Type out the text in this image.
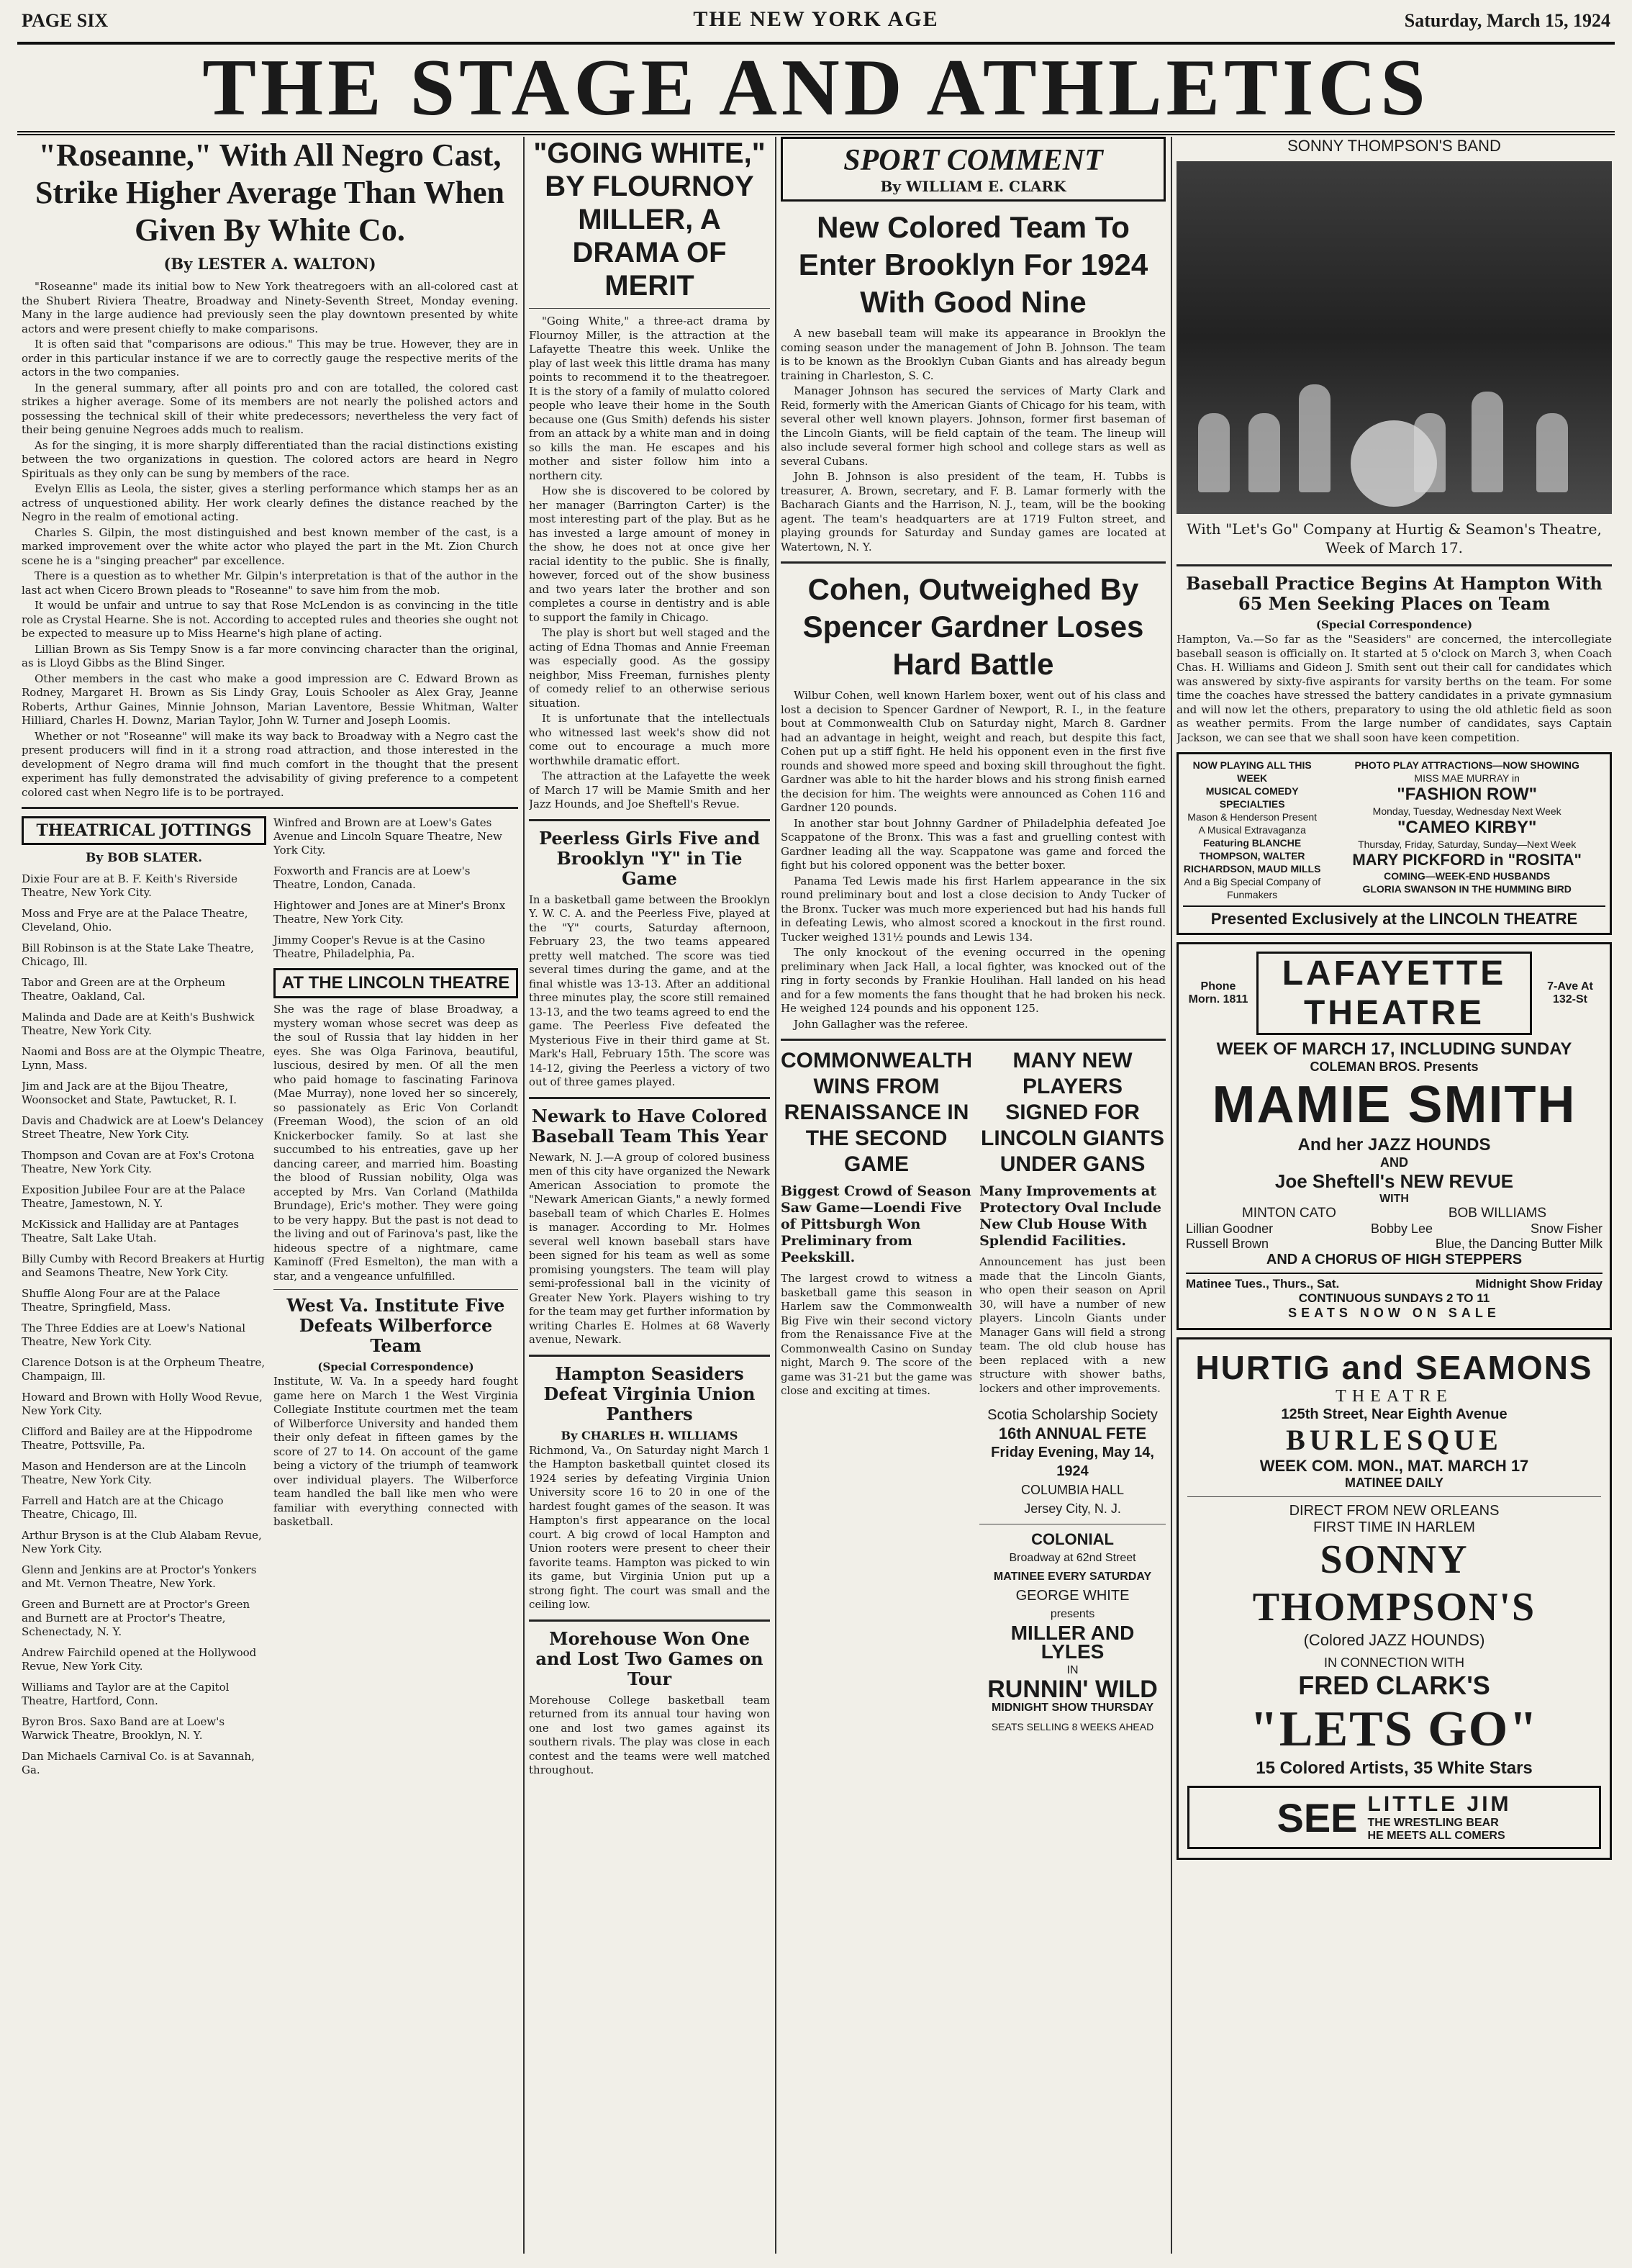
PAGE SIX	THE NEW YORK AGE	Saturday, March 15, 1924
THE STAGE AND ATHLETICS
"Roseanne," With All Negro Cast, Strike Higher Average Than When Given By White Co.
(By LESTER A. WALTON)

"Roseanne" made its initial bow to New York theatregoers with an all-colored cast at the Shubert Riviera Theatre, Broadway and Ninety-Seventh Street, Monday evening. Many in the large audience had previously seen the play downtown presented by white actors and were present chiefly to make comparisons.

It is often said that "comparisons are odious." This may be true. However, they are in order in this particular instance if we are to correctly gauge the respective merits of the actors in the two companies.

In the general summary, after all points pro and con are totalled, the colored cast strikes a higher average. Some of its members are not nearly the polished actors and possessing the technical skill of their white predecessors; nevertheless the very fact of their being genuine Negroes adds much to realism.

As for the singing, it is more sharply differentiated than the racial distinctions existing between the two organizations in question. The colored actors are heard in Negro Spirituals as they only can be sung by members of the race.

Evelyn Ellis as Leola, the sister, gives a sterling performance which stamps her as an actress of unquestioned ability. Her work clearly defines the distance reached by the Negro in the realm of emotional acting.

Charles S. Gilpin, the most distinguished and best known member of the cast, is a marked improvement over the white actor who played the part in the Mt. Zion Church scene he is a "singing preacher" par excellence.

There is a question as to whether Mr. Gilpin's interpretation is that of the author in the last act when Cicero Brown pleads to "Roseanne" to save him from the mob.

It would be unfair and untrue to say that Rose McLendon is as convincing in the title role as Crystal Hearne. She is not. According to accepted rules and theories she ought not be expected to measure up to Miss Hearne's high plane of acting.

Lillian Brown as Sis Tempy Snow is a far more convincing character than the original, as is Lloyd Gibbs as the Blind Singer.

Other members in the cast who make a good impression are C. Edward Brown as Rodney, Margaret H. Brown as Sis Lindy Gray, Louis Schooler as Alex Gray, Jeanne Roberts, Arthur Gaines, Minnie Johnson, Marian Laventore, Bessie Whitman, Walter Hilliard, Charles H. Downz, Marian Taylor, John W. Turner and Joseph Loomis.

Whether or not "Roseanne" will make its way back to Broadway with a Negro cast the present producers will find in it a strong road attraction, and those interested in the development of Negro drama will find much comfort in the thought that the present experiment has fully demonstrated the advisability of giving preference to a competent colored cast when Negro life is to be portrayed.

THEATRICAL JOTTINGS
By BOB SLATER.
Dixie Four are at B. F. Keith's Riverside Theatre, New York City.
Moss and Frye are at the Palace Theatre, Cleveland, Ohio.
Bill Robinson is at the State Lake Theatre, Chicago, Ill.
Tabor and Green are at the Orpheum Theatre, Oakland, Cal.
Malinda and Dade are at Keith's Bushwick Theatre, New York City.
Naomi and Boss are at the Olympic Theatre, Lynn, Mass.
Jim and Jack are at the Bijou Theatre, Woonsocket and State, Pawtucket, R. I.
Davis and Chadwick are at Loew's Delancey Street Theatre, New York City.
Thompson and Covan are at Fox's Crotona Theatre, New York City.
Exposition Jubilee Four are at the Palace Theatre, Jamestown, N. Y.
McKissick and Halliday are at Pantages Theatre, Salt Lake Utah.
Billy Cumby with Record Breakers at Hurtig and Seamons Theatre, New York City.
Shuffle Along Four are at the Palace Theatre, Springfield, Mass.
The Three Eddies are at Loew's National Theatre, New York City.
Clarence Dotson is at the Orpheum Theatre, Champaign, Ill.
Howard and Brown with Holly Wood Revue, New York City.
Clifford and Bailey are at the Hippodrome Theatre, Pottsville, Pa.
Mason and Henderson are at the Lincoln Theatre, New York City.
Farrell and Hatch are at the Chicago Theatre, Chicago, Ill.
Arthur Bryson is at the Club Alabam Revue, New York City.
Glenn and Jenkins are at Proctor's Yonkers and Mt. Vernon Theatre, New York.
Green and Burnett are at Proctor's Green and Burnett are at Proctor's Theatre, Schenectady, N. Y.
Andrew Fairchild opened at the Hollywood Revue, New York City.
Williams and Taylor are at the Capitol Theatre, Hartford, Conn.
Byron Bros. Saxo Band are at Loew's Warwick Theatre, Brooklyn, N. Y.
Dan Michaels Carnival Co. is at Savannah, Ga.
Winfred and Brown are at Loew's Gates Avenue and Lincoln Square Theatre, New York City.
Foxworth and Francis are at Loew's Theatre, London, Canada.
Hightower and Jones are at Miner's Bronx Theatre, New York City.
Jimmy Cooper's Revue is at the Casino Theatre, Philadelphia, Pa.
AT THE LINCOLN THEATRE
She was the rage of blase Broadway, a mystery woman whose secret was deep as the soul of Russia that lay hidden in her eyes. She was Olga Farinova, beautiful, luscious, desired by men. Of all the men who paid homage to fascinating Farinova (Mae Murray), none loved her so sincerely, so passionately as Eric Von Corlandt (Freeman Wood), the scion of an old Knickerbocker family. So at last she succumbed to his entreaties, gave up her dancing career, and married him. Boasting the blood of Russian nobility, Olga was accepted by Mrs. Van Corland (Mathilda Brundage), Eric's mother. They were going to be very happy. But the past is not dead to the living and out of Farinova's past, like the hideous spectre of a nightmare, came Kaminoff (Fred Esmelton), the man with a star, and a vengeance unfulfilled.
West Va. Institute Five Defeats Wilberforce Team
(Special Correspondence)
Institute, W. Va. In a speedy hard fought game here on March 1 the West Virginia Collegiate Institute courtmen met the team of Wilberforce University and handed them their only defeat in fifteen games by the score of 27 to 14. On account of the game being a victory of the triumph of teamwork over individual players. The Wilberforce team handled the ball like men who were familiar with everything connected with basketball.
"GOING WHITE," BY FLOURNOY MILLER, A DRAMA OF MERIT

"Going White," a three-act drama by Flournoy Miller, is the attraction at the Lafayette Theatre this week. Unlike the play of last week this little drama has many points to recommend it to the theatregoer. It is the story of a family of mulatto colored people who leave their home in the South because one (Gus Smith) defends his sister from an attack by a white man and in doing so kills the man. He escapes and his mother and sister follow him into a northern city.

How she is discovered to be colored by her manager (Barrington Carter) is the most interesting part of the play. But as he has invested a large amount of money in the show, he does not at once give her racial identity to the public. She is finally, however, forced out of the show business and two years later the brother and son completes a course in dentistry and is able to support the family in Chicago.

The play is short but well staged and the acting of Edna Thomas and Annie Freeman was especially good. As the gossipy neighbor, Miss Freeman, furnishes plenty of comedy relief to an otherwise serious situation.

It is unfortunate that the intellectuals who witnessed last week's show did not come out to encourage a much more worthwhile dramatic effort.

The attraction at the Lafayette the week of March 17 will be Mamie Smith and her Jazz Hounds, and Joe Sheftell's Revue.

Peerless Girls Five and Brooklyn "Y" in Tie Game
In a basketball game between the Brooklyn Y. W. C. A. and the Peerless Five, played at the "Y" courts, Saturday afternoon, February 23, the two teams appeared pretty well matched. The score was tied several times during the game, and at the final whistle was 13-13. After an additional three minutes play, the score still remained 13-13, and the two teams agreed to end the game. The Peerless Five defeated the Mysterious Five in their third game at St. Mark's Hall, February 15th. The score was 14-12, giving the Peerless a victory of two out of three games played.
Newark to Have Colored Baseball Team This Year
Newark, N. J.—A group of colored business men of this city have organized the Newark American Association to promote the "Newark American Giants," a newly formed baseball team of which Charles E. Holmes is manager. According to Mr. Holmes several well known baseball stars have been signed for his team as well as some promising youngsters. The team will play semi-professional ball in the vicinity of Greater New York. Players wishing to try for the team may get further information by writing Charles E. Holmes at 68 Waverly avenue, Newark.
Hampton Seasiders Defeat Virginia Union Panthers
By CHARLES H. WILLIAMS
Richmond, Va., On Saturday night March 1 the Hampton basketball quintet closed its 1924 series by defeating Virginia Union University score 16 to 20 in one of the hardest fought games of the season. It was Hampton's first appearance on the local court. A big crowd of local Hampton and Union rooters were present to cheer their favorite teams. Hampton was picked to win its game, but Virginia Union put up a strong fight. The court was small and the ceiling low.
Morehouse Won One and Lost Two Games on Tour
Morehouse College basketball team returned from its annual tour having won one and lost two games against its southern rivals. The play was close in each contest and the teams were well matched throughout.
SPORT COMMENT
By WILLIAM E. CLARK
New Colored Team To Enter Brooklyn For 1924 With Good Nine

A new baseball team will make its appearance in Brooklyn the coming season under the management of John B. Johnson. The team is to be known as the Brooklyn Cuban Giants and has already begun training in Charleston, S. C.

Manager Johnson has secured the services of Marty Clark and Reid, formerly with the American Giants of Chicago for his team, with several other well known players. Johnson, former first baseman of the Lincoln Giants, will be field captain of the team. The lineup will also include several former high school and college stars as well as several Cubans.

John B. Johnson is also president of the team, H. Tubbs is treasurer, A. Brown, secretary, and F. B. Lamar formerly with the Bacharach Giants and the Harrison, N. J., team, will be the booking agent. The team's headquarters are at 1719 Fulton street, and playing grounds for Saturday and Sunday games are located at Watertown, N. Y.

Cohen, Outweighed By Spencer Gardner Loses Hard Battle

Wilbur Cohen, well known Harlem boxer, went out of his class and lost a decision to Spencer Gardner of Newport, R. I., in the feature bout at Commonwealth Club on Saturday night, March 8. Gardner had an advantage in height, weight and reach, but despite this fact, Cohen put up a stiff fight. He held his opponent even in the first five rounds and showed more speed and boxing skill throughout the fight. Gardner was able to hit the harder blows and his strong finish earned the decision for him. The weights were announced as Cohen 116 and Gardner 120 pounds.

In another star bout Johnny Gardner of Philadelphia defeated Joe Scappatone of the Bronx. This was a fast and gruelling contest with Gardner leading all the way. Scappatone was game and forced the fight but his colored opponent was the better boxer.

Panama Ted Lewis made his first Harlem appearance in the six round preliminary bout and lost a close decision to Andy Tucker of the Bronx. Tucker was much more experienced but had his hands full in defeating Lewis, who almost scored a knockout in the first round. Tucker weighed 131½ pounds and Lewis 134.

The only knockout of the evening occurred in the opening preliminary when Jack Hall, a local fighter, was knocked out of the ring in forty seconds by Frankie Houlihan. Hall landed on his head and for a few moments the fans thought that he had broken his neck. He weighed 124 pounds and his opponent 125.

John Gallagher was the referee.

COMMONWEALTH WINS FROM RENAISSANCE IN THE SECOND GAME
Biggest Crowd of Season Saw Game—Loendi Five of Pittsburgh Won Preliminary from Peekskill.
The largest crowd to witness a basketball game this season in Harlem saw the Commonwealth Big Five win their second victory from the Renaissance Five at the Commonwealth Casino on Sunday night, March 9. The score of the game was 31-21 but the game was close and exciting at times.
MANY NEW PLAYERS SIGNED FOR LINCOLN GIANTS UNDER GANS
Many Improvements at Protectory Oval Include New Club House With Splendid Facilities.
Announcement has just been made that the Lincoln Giants, who open their season on April 30, will have a number of new players. Lincoln Giants under Manager Gans will field a strong team. The old club house has been replaced with a new structure with shower baths, lockers and other improvements.
Scotia Scholarship Society
16th ANNUAL FETE
Friday Evening, May 14, 1924
COLUMBIA HALL
Jersey City, N. J.
COLONIAL
Broadway at 62nd Street
MATINEE EVERY SATURDAY
GEORGE WHITE
presents
MILLER AND LYLES
IN
RUNNIN' WILD
MIDNIGHT SHOW THURSDAY
SEATS SELLING 8 WEEKS AHEAD
SONNY THOMPSON'S BAND
With "Let's Go" Company at Hurtig & Seamon's Theatre, Week of March 17.
Baseball Practice Begins At Hampton With 65 Men Seeking Places on Team
(Special Correspondence)
Hampton, Va.—So far as the "Seasiders" are concerned, the intercollegiate baseball season is officially on. It started at 5 o'clock on March 3, when Coach Chas. H. Williams and Gideon J. Smith sent out their call for candidates which was answered by sixty-five aspirants for varsity berths on the team. For some time the coaches have stressed the battery candidates in a private gymnasium and will now let the others, preparatory to using the old athletic field as soon as weather permits. From the large number of candidates, says Captain Jackson, we can see that we shall soon have keen competition.
NOW PLAYING ALL THIS WEEK
MUSICAL COMEDY SPECIALTIES
Mason & Henderson Present
A Musical Extravaganza
Featuring BLANCHE THOMPSON, WALTER RICHARDSON, MAUD MILLS
And a Big Special Company of Funmakers
PHOTO PLAY ATTRACTIONS—NOW SHOWING
MISS MAE MURRAY in
"FASHION ROW"
Monday, Tuesday, Wednesday Next Week
"CAMEO KIRBY"
Thursday, Friday, Saturday, Sunday—Next Week
MARY PICKFORD in "ROSITA"
COMING—WEEK-END HUSBANDS
GLORIA SWANSON IN THE HUMMING BIRD
Presented Exclusively at the LINCOLN THEATRE
Phone Morn. 1811
LAFAYETTE THEATRE
7-Ave At 132-St
WEEK OF MARCH 17, INCLUDING SUNDAY
COLEMAN BROS. Presents
MAMIE SMITH
And her JAZZ HOUNDS
AND
Joe Sheftell's NEW REVUE
WITH
MINTON CATO	BOB WILLIAMS
Lillian Goodner	Bobby Lee	Snow Fisher
Russell Brown	Blue, the Dancing Butter Milk
AND A CHORUS OF HIGH STEPPERS
Matinee Tues., Thurs., Sat.	Midnight Show Friday
CONTINUOUS SUNDAYS 2 TO 11
SEATS NOW ON SALE
HURTIG and SEAMONS
THEATRE
125th Street, Near Eighth Avenue
BURLESQUE
WEEK COM. MON., MAT. MARCH 17
MATINEE DAILY
DIRECT FROM NEW ORLEANS
FIRST TIME IN HARLEM
SONNY THOMPSON'S
(Colored JAZZ HOUNDS)
IN CONNECTION WITH
FRED CLARK'S
"LETS GO"
15 Colored Artists, 35 White Stars
SEE LITTLE JIM
THE WRESTLING BEAR
HE MEETS ALL COMERS
